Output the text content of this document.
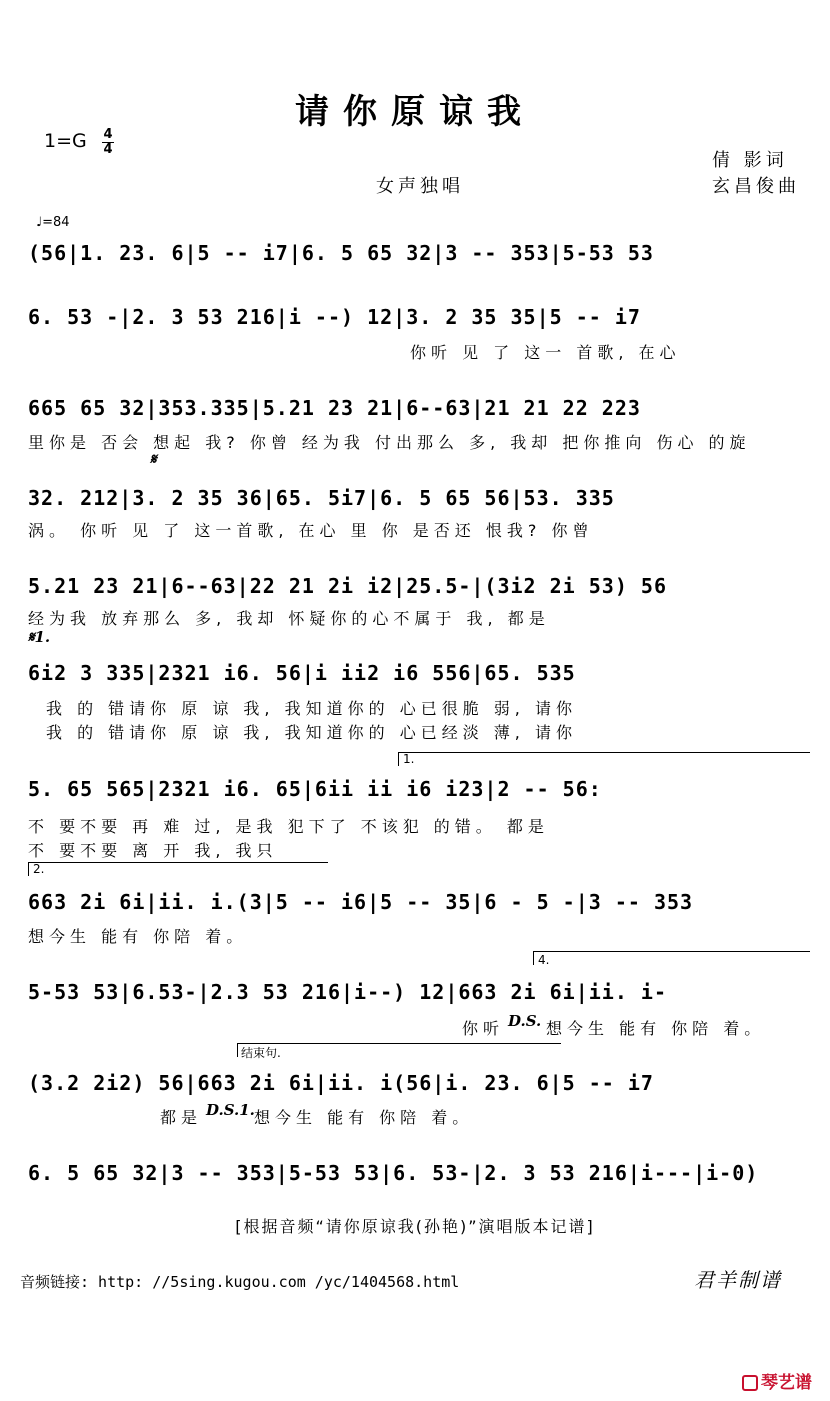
请你原谅我
1=G 4
4
倩 影词
玄昌俊曲
女声独唱
♩=84
(56|1. 23. 6|5 -- i7|6. 5 65 32|3 -- 353|5-53 53
6. 53 -|2. 3 53 216|i --) 12|3. 2 35 35|5 -- i7
你听 见 了 这一 首歌, 在心
665 65 32|353.335|5.21 23 21|6--63|21 21 22 223
里你是 否会 想起 我? 你曾 经为我 付出那么 多, 我却 把你推向 伤心 的旋
𝄋
32. 212|3. 2 35 36|65. 5i7|6. 5 65 56|53. 335
涡。 你听 见 了 这一首歌, 在心 里 你 是否还 恨我? 你曾
5.21 23 21|6--63|22 21 2i i2|25.5-|(3i2 2i 53) 56
经为我 放弃那么 多, 我却 怀疑你的心不属于 我, 都是
𝄋1.
6i2 3 335|2321 i6. 56|i ii2 i6 556|65. 535
我 的 错请你 原 谅 我, 我知道你的 心已很脆 弱, 请你
我 的 错请你 原 谅 我, 我知道你的 心已经淡 薄, 请你
1.
5. 65 565|2321 i6. 65|6ii ii i6 i23|2 -- 56:
不 要不要 再 难 过, 是我 犯下了 不该犯 的错。 都是
不 要不要 离 开 我, 我只
2.
663 2i 6i|ii. i.(3|5 -- i6|5 -- 35|6 - 5 -|3 -- 353
想今生 能有 你陪 着。
4.
5-53 53|6.53-|2.3 53 216|i--) 12|663 2i 6i|ii. i-
你听 D.S. 想今生 能有 你陪 着。
结束句.
(3.2 2i2) 56|663 2i 6i|ii. i(56|i. 23. 6|5 -- i7
都是 D.S.1. 想今生 能有 你陪 着。
6. 5 65 32|3 -- 353|5-53 53|6. 53-|2. 3 53 216|i---|i-0)
[根据音频“请你原谅我(孙艳)”演唱版本记谱]
音频链接: http: //5sing.kugou.com /yc/1404568.html	君羊制谱
琴艺谱
